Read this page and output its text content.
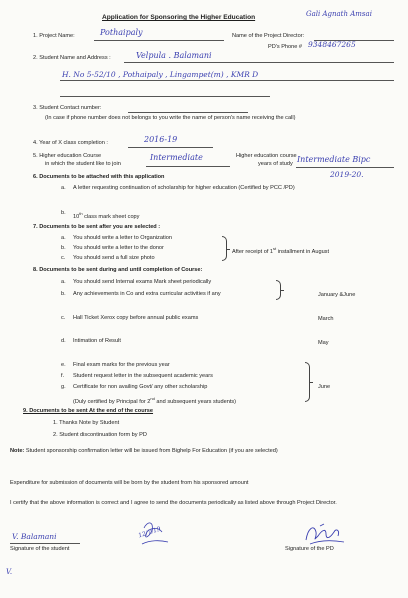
Application for Sponsoring the Higher Education	Gali Agnath Amsai
1. Project Name:	Pothaipaly	Name of the Project Director:
PD's Phone # 9348467265
2. Student Name and Address :	Velpula . Balamani
H. No 5-52/10 , Pothaipaly , Lingampet(m) , KMR D
3. Student Contact number:
(In case if phone number does not belongs to you write the name of person's name receiving the call)
4. Year of X class completion :	2016-19
5. Higher education Course
in which the student like to join
Intermediate	Higher education course
years of study Intermediate Bipc
2019-20.
6. Documents to be attached with this application
a. A letter requesting continuation of scholarship for higher education (Certified by PCC /PD)
b.
10th class mark sheet copy
7. Documents to be sent after you are selected :
a. You should write a letter to Organization
b. You should write a letter to the donor
c. You should send a full size photo
After receipt of 1st installment in August
8. Documents to be sent during and until completion of Course:
a. You should send Internal exams Mark sheet periodically
b. Any achievements in Co and extra curricular activities if any	January &June
c. Hall Ticket Xerox copy before annual public exams	March
d. Intimation of Result	May
e. Final exam marks for the previous year
f. Student request letter in the subsequent academic years
g. Certificate for non availing Govt/ any other scholarship
(Duly certified by Principal for 2nd and subsequent years students)
June
9. Documents to be sent At the end of the course
1. Thanks Note by Student
2. Student discontinuation form by PD
Note: Student sponsorship confirmation letter will be issued from Bighelp For Education (if you are selected)
Expenditure for submission of documents will be born by the student from his sponsored amount
I certify that the above information is correct and I agree to send the documents periodically as listed above through Project Director.
V. Balamani
Signature of the student
12/7/19
Signature of the PD
V.
